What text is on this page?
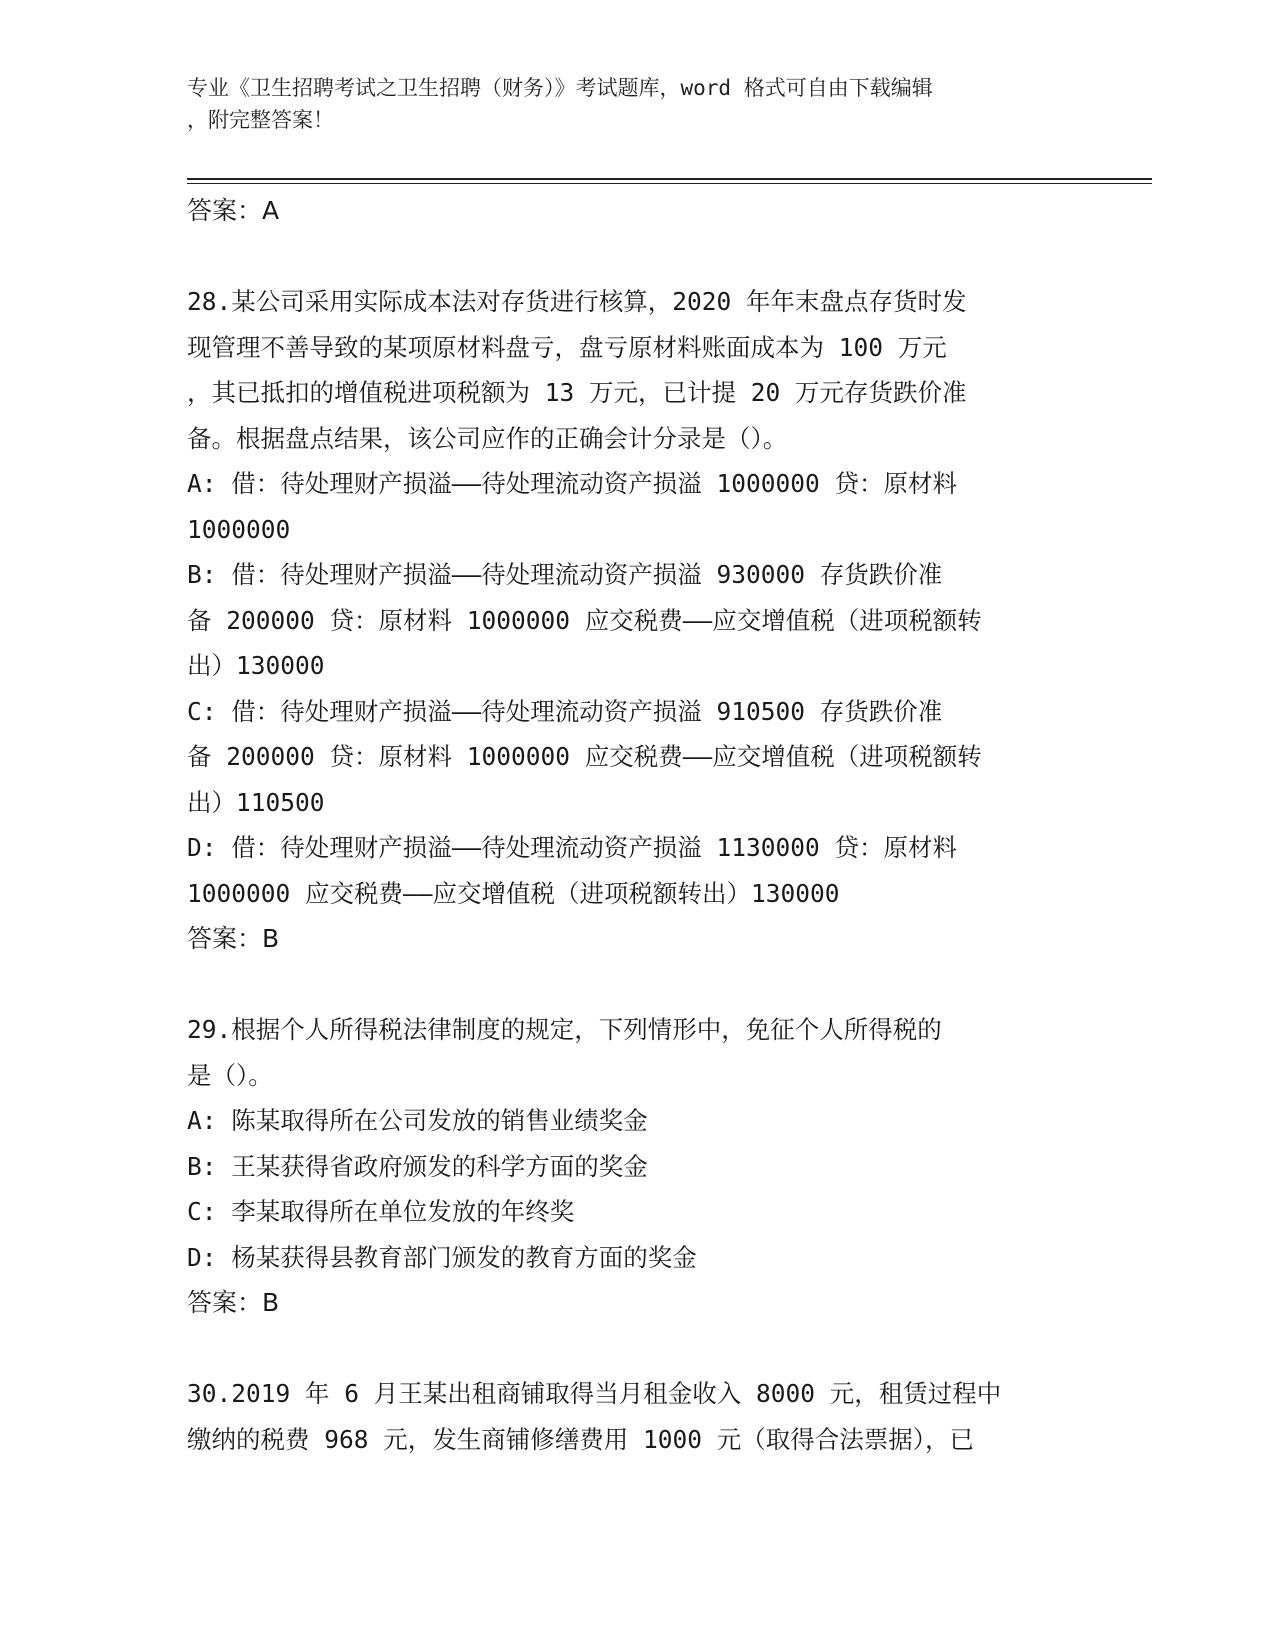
专业《卫生招聘考试之卫生招聘（财务）》考试题库，word 格式可自由下载编辑
，附完整答案！

答案：A

28.某公司采用实际成本法对存货进行核算，2020 年年末盘点存货时发

现管理不善导致的某项原材料盘亏，盘亏原材料账面成本为 100 万元

，其已抵扣的增值税进项税额为 13 万元，已计提 20 万元存货跌价准

备。根据盘点结果，该公司应作的正确会计分录是（）。

A: 借：待处理财产损溢——待处理流动资产损溢 1000000 贷：原材料

1000000

B: 借：待处理财产损溢——待处理流动资产损溢 930000 存货跌价准

备 200000 贷：原材料 1000000 应交税费——应交增值税（进项税额转

出）130000

C: 借：待处理财产损溢——待处理流动资产损溢 910500 存货跌价准

备 200000 贷：原材料 1000000 应交税费——应交增值税（进项税额转

出）110500

D: 借：待处理财产损溢——待处理流动资产损溢 1130000 贷：原材料

1000000 应交税费——应交增值税（进项税额转出）130000

答案：B

29.根据个人所得税法律制度的规定，下列情形中，免征个人所得税的

是（）。

A: 陈某取得所在公司发放的销售业绩奖金

B: 王某获得省政府颁发的科学方面的奖金

C: 李某取得所在单位发放的年终奖

D: 杨某获得县教育部门颁发的教育方面的奖金

答案：B

30.2019 年 6 月王某出租商铺取得当月租金收入 8000 元，租赁过程中

缴纳的税费 968 元，发生商铺修缮费用 1000 元（取得合法票据），已
